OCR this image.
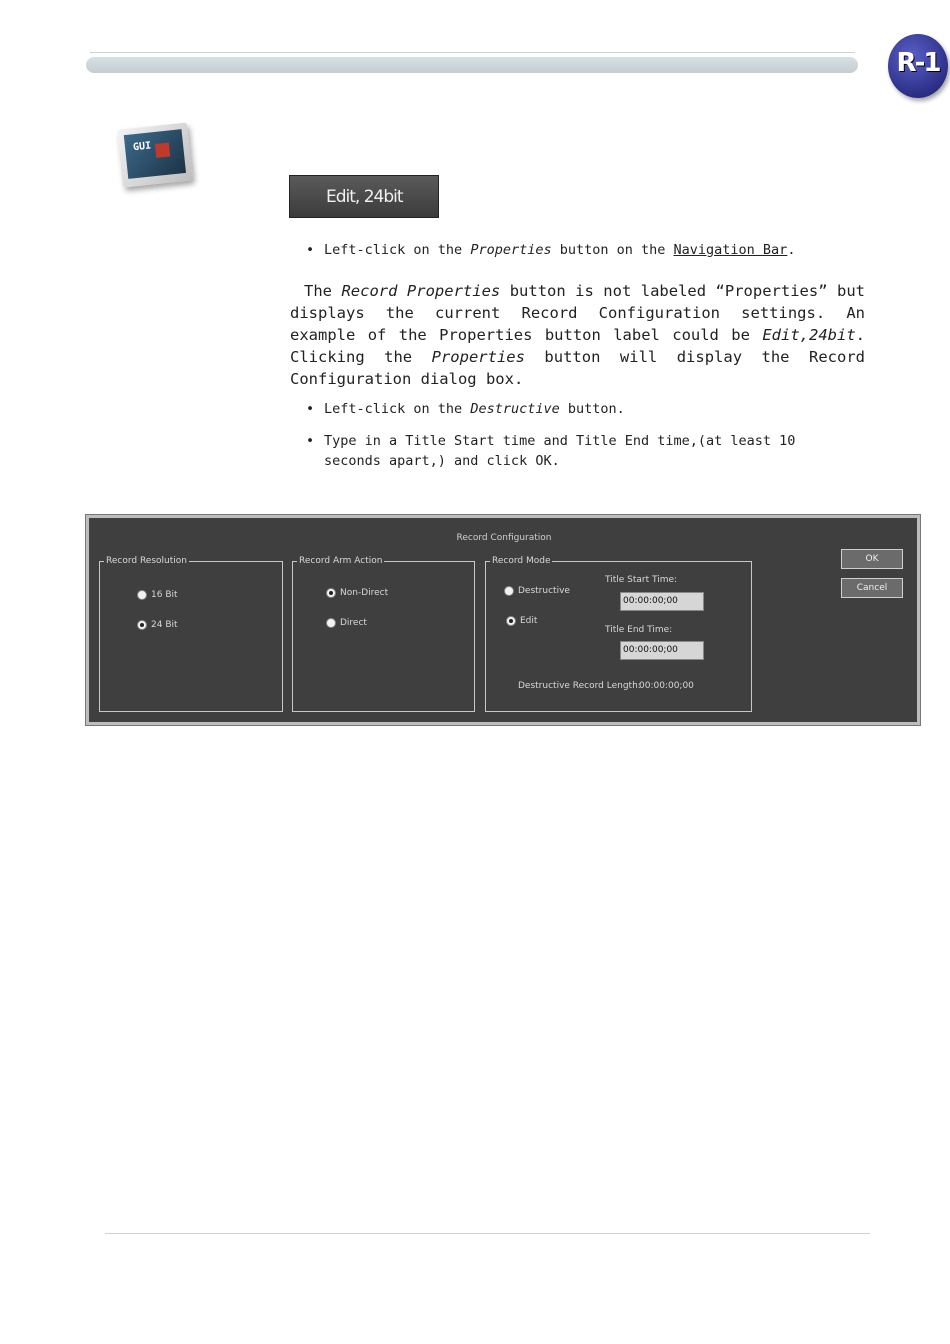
R-1
GUI
Edit, 24bit
• Left-click on the Properties button on the Navigation Bar.
The Record Properties button is not labeled “Properties” but displays the current Record Configuration settings. An example of the Properties button label could be Edit,24bit. Clicking the Properties button will display the Record Configuration dialog box.
• Left-click on the Destructive button.
• Type in a Title Start time and Title End time,(at least 10 seconds apart,) and click OK.
Record Configuration
Record Resolution
16 Bit
24 Bit
Record Arm Action
Non-Direct
Direct
Record Mode
Destructive
Edit
Title Start Time:
00:00:00;00
Title End Time:
00:00:00;00
Destructive Record Length:
00:00:00;00
OK
Cancel
